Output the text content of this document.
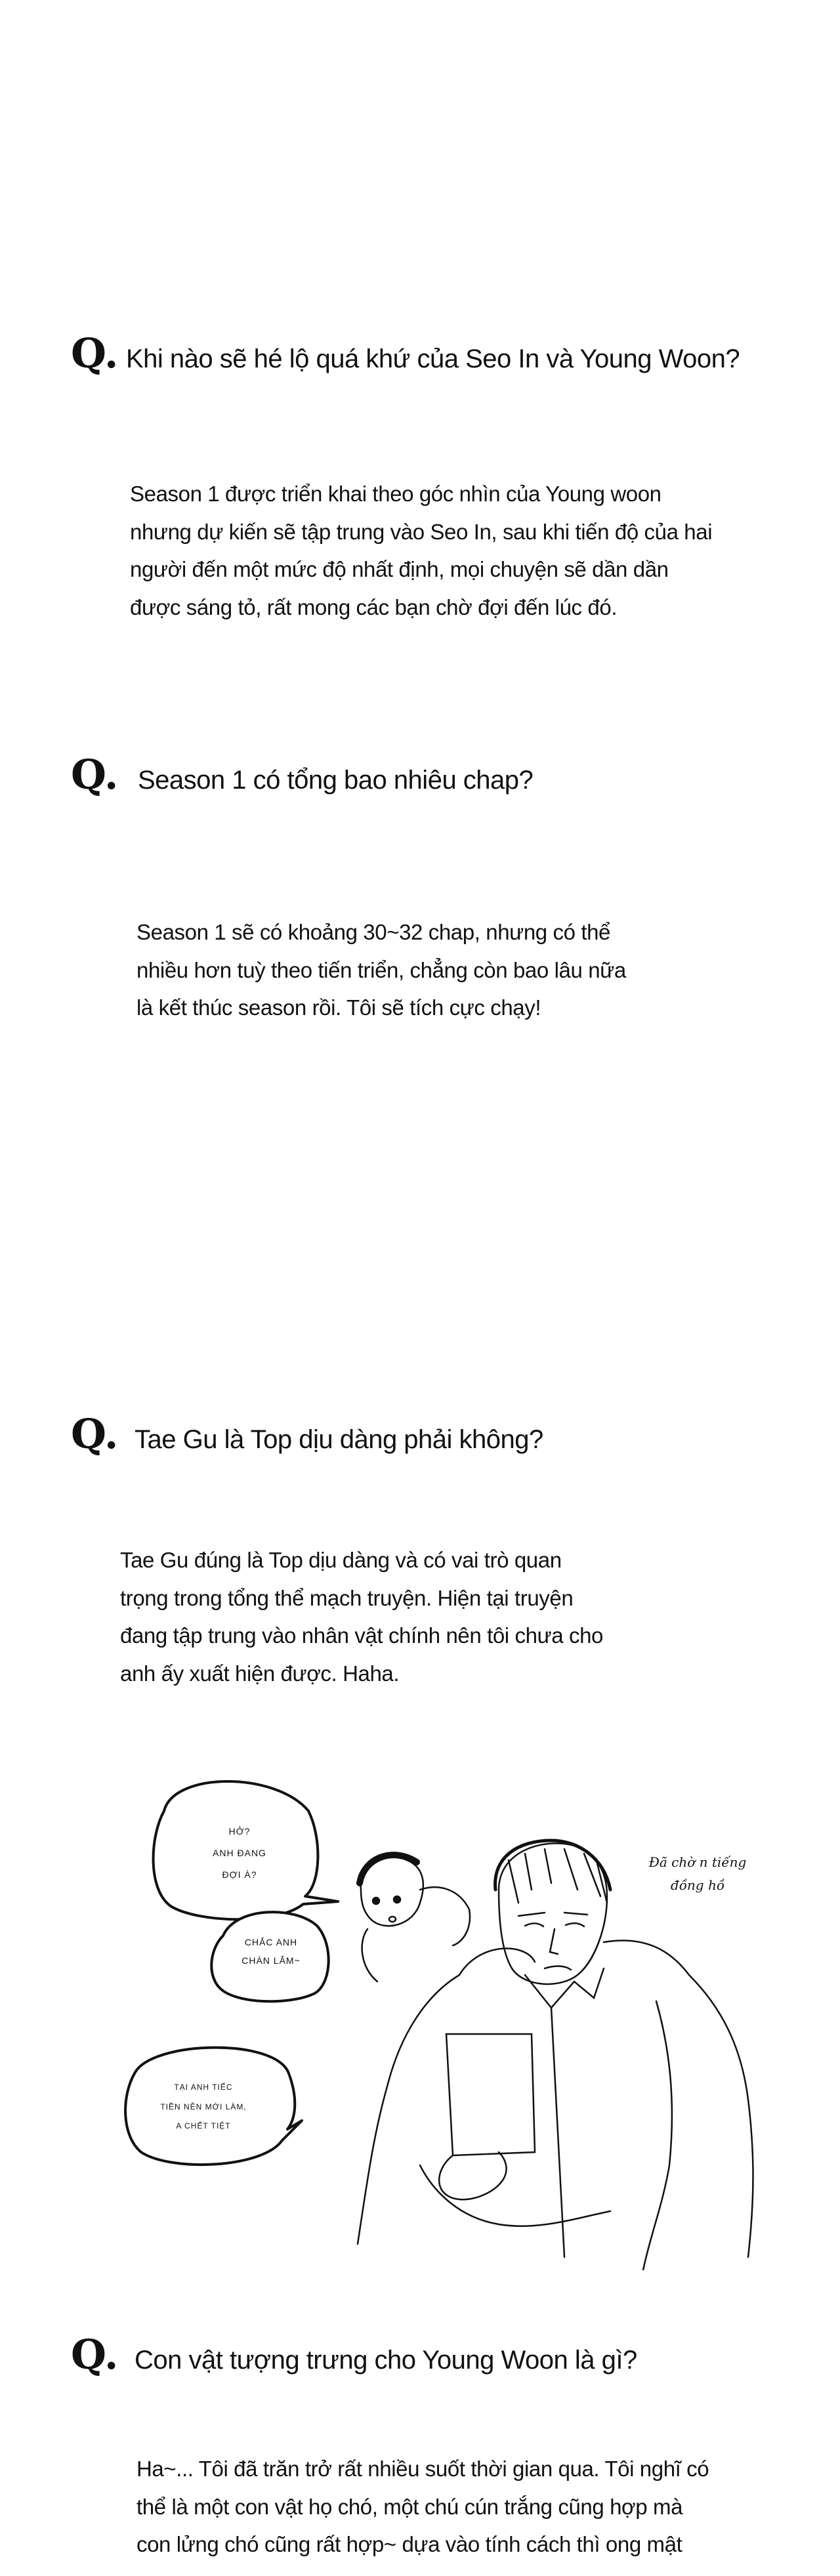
Q. Khi nào sẽ hé lộ quá khứ của Seo In và Young Woon?
Season 1 được triển khai theo góc nhìn của Young woon
nhưng dự kiến sẽ tập trung vào Seo In, sau khi tiến độ của hai
người đến một mức độ nhất định, mọi chuyện sẽ dần dần
được sáng tỏ, rất mong các bạn chờ đợi đến lúc đó.
Q. Season 1 có tổng bao nhiêu chap?
Season 1 sẽ có khoảng 30~32 chap, nhưng có thể
nhiều hơn tuỳ theo tiến triển, chẳng còn bao lâu nữa
là kết thúc season rồi. Tôi sẽ tích cực chạy!
Q. Tae Gu là Top dịu dàng phải không?
Tae Gu đúng là Top dịu dàng và có vai trò quan
trọng trong tổng thể mạch truyện. Hiện tại truyện
đang tập trung vào nhân vật chính nên tôi chưa cho
anh ấy xuất hiện được. Haha.
HỞ?
ANH ĐANG
ĐỢI À?
CHẮC ANH
CHÁN LẮM~
TẠI ANH TIẾC
TIỀN NÊN MỚI LÀM,
A CHẾT TIỆT
Đã chờ n tiếng
đồng hồ
Q. Con vật tượng trưng cho Young Woon là gì?
Ha~... Tôi đã trăn trở rất nhiều suốt thời gian qua. Tôi nghĩ có
thể là một con vật họ chó, một chú cún trắng cũng hợp mà
con lửng chó cũng rất hợp~ dựa vào tính cách thì ong mật
